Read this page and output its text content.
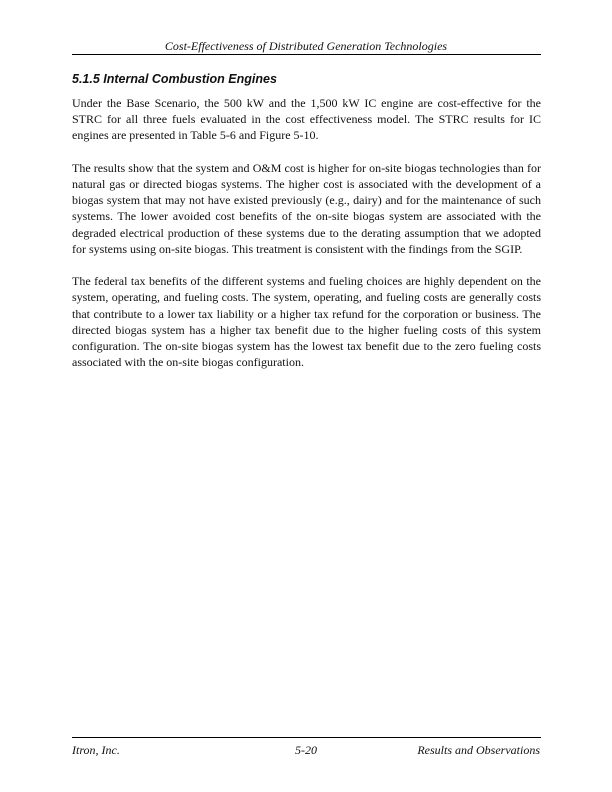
Cost-Effectiveness of Distributed Generation Technologies
5.1.5 Internal Combustion Engines

Under the Base Scenario, the 500 kW and the 1,500 kW IC engine are cost-effective for the STRC for all three fuels evaluated in the cost effectiveness model. The STRC results for IC engines are presented in Table 5-6 and Figure 5-10.

The results show that the system and O&M cost is higher for on-site biogas technologies than for natural gas or directed biogas systems. The higher cost is associated with the development of a biogas system that may not have existed previously (e.g., dairy) and for the maintenance of such systems. The lower avoided cost benefits of the on-site biogas system are associated with the degraded electrical production of these systems due to the derating assumption that we adopted for systems using on-site biogas. This treatment is consistent with the findings from the SGIP.

The federal tax benefits of the different systems and fueling choices are highly dependent on the system, operating, and fueling costs. The system, operating, and fueling costs are generally costs that contribute to a lower tax liability or a higher tax refund for the corporation or business. The directed biogas system has a higher tax benefit due to the higher fueling costs of this system configuration. The on-site biogas system has the lowest tax benefit due to the zero fueling costs associated with the on-site biogas configuration.

Itron, Inc.	5-20	Results and Observations
